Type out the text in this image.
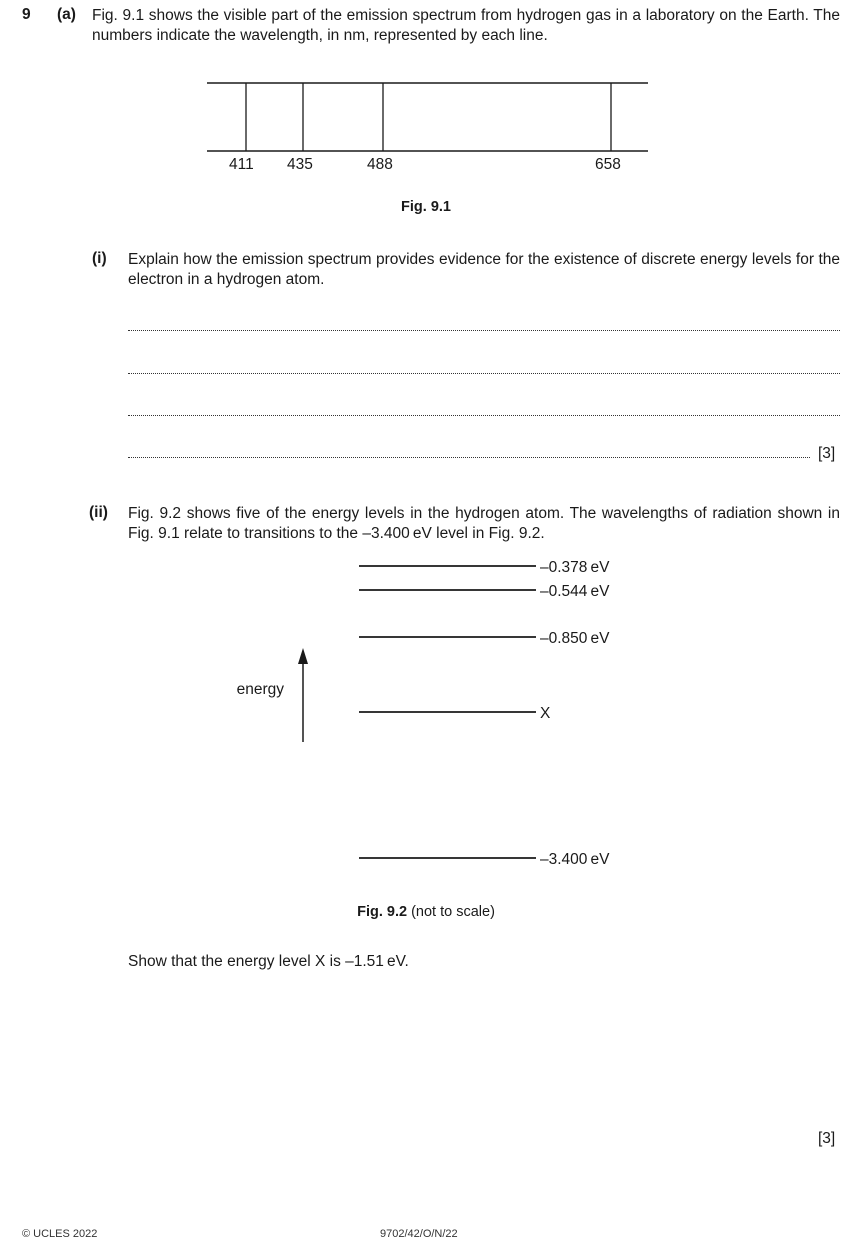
9 (a) Fig. 9.1 shows the visible part of the emission spectrum from hydrogen gas in a laboratory on the Earth. The numbers indicate the wavelength, in nm, represented by each line.
411 435	488	658
Fig. 9.1
(i) Explain how the emission spectrum provides evidence for the existence of discrete energy levels for the electron in a hydrogen atom.
[3]
(ii) Fig. 9.2 shows five of the energy levels in the hydrogen atom. The wavelengths of radiation shown in Fig. 9.1 relate to transitions to the –3.400 eV level in Fig. 9.2.
–0.378 eV
–0.544 eV
–0.850 eV
X
–3.400 eV
energy
Fig. 9.2 (not to scale)
Show that the energy level X is –1.51 eV.
[3]
© UCLES 2022	9702/42/O/N/22
